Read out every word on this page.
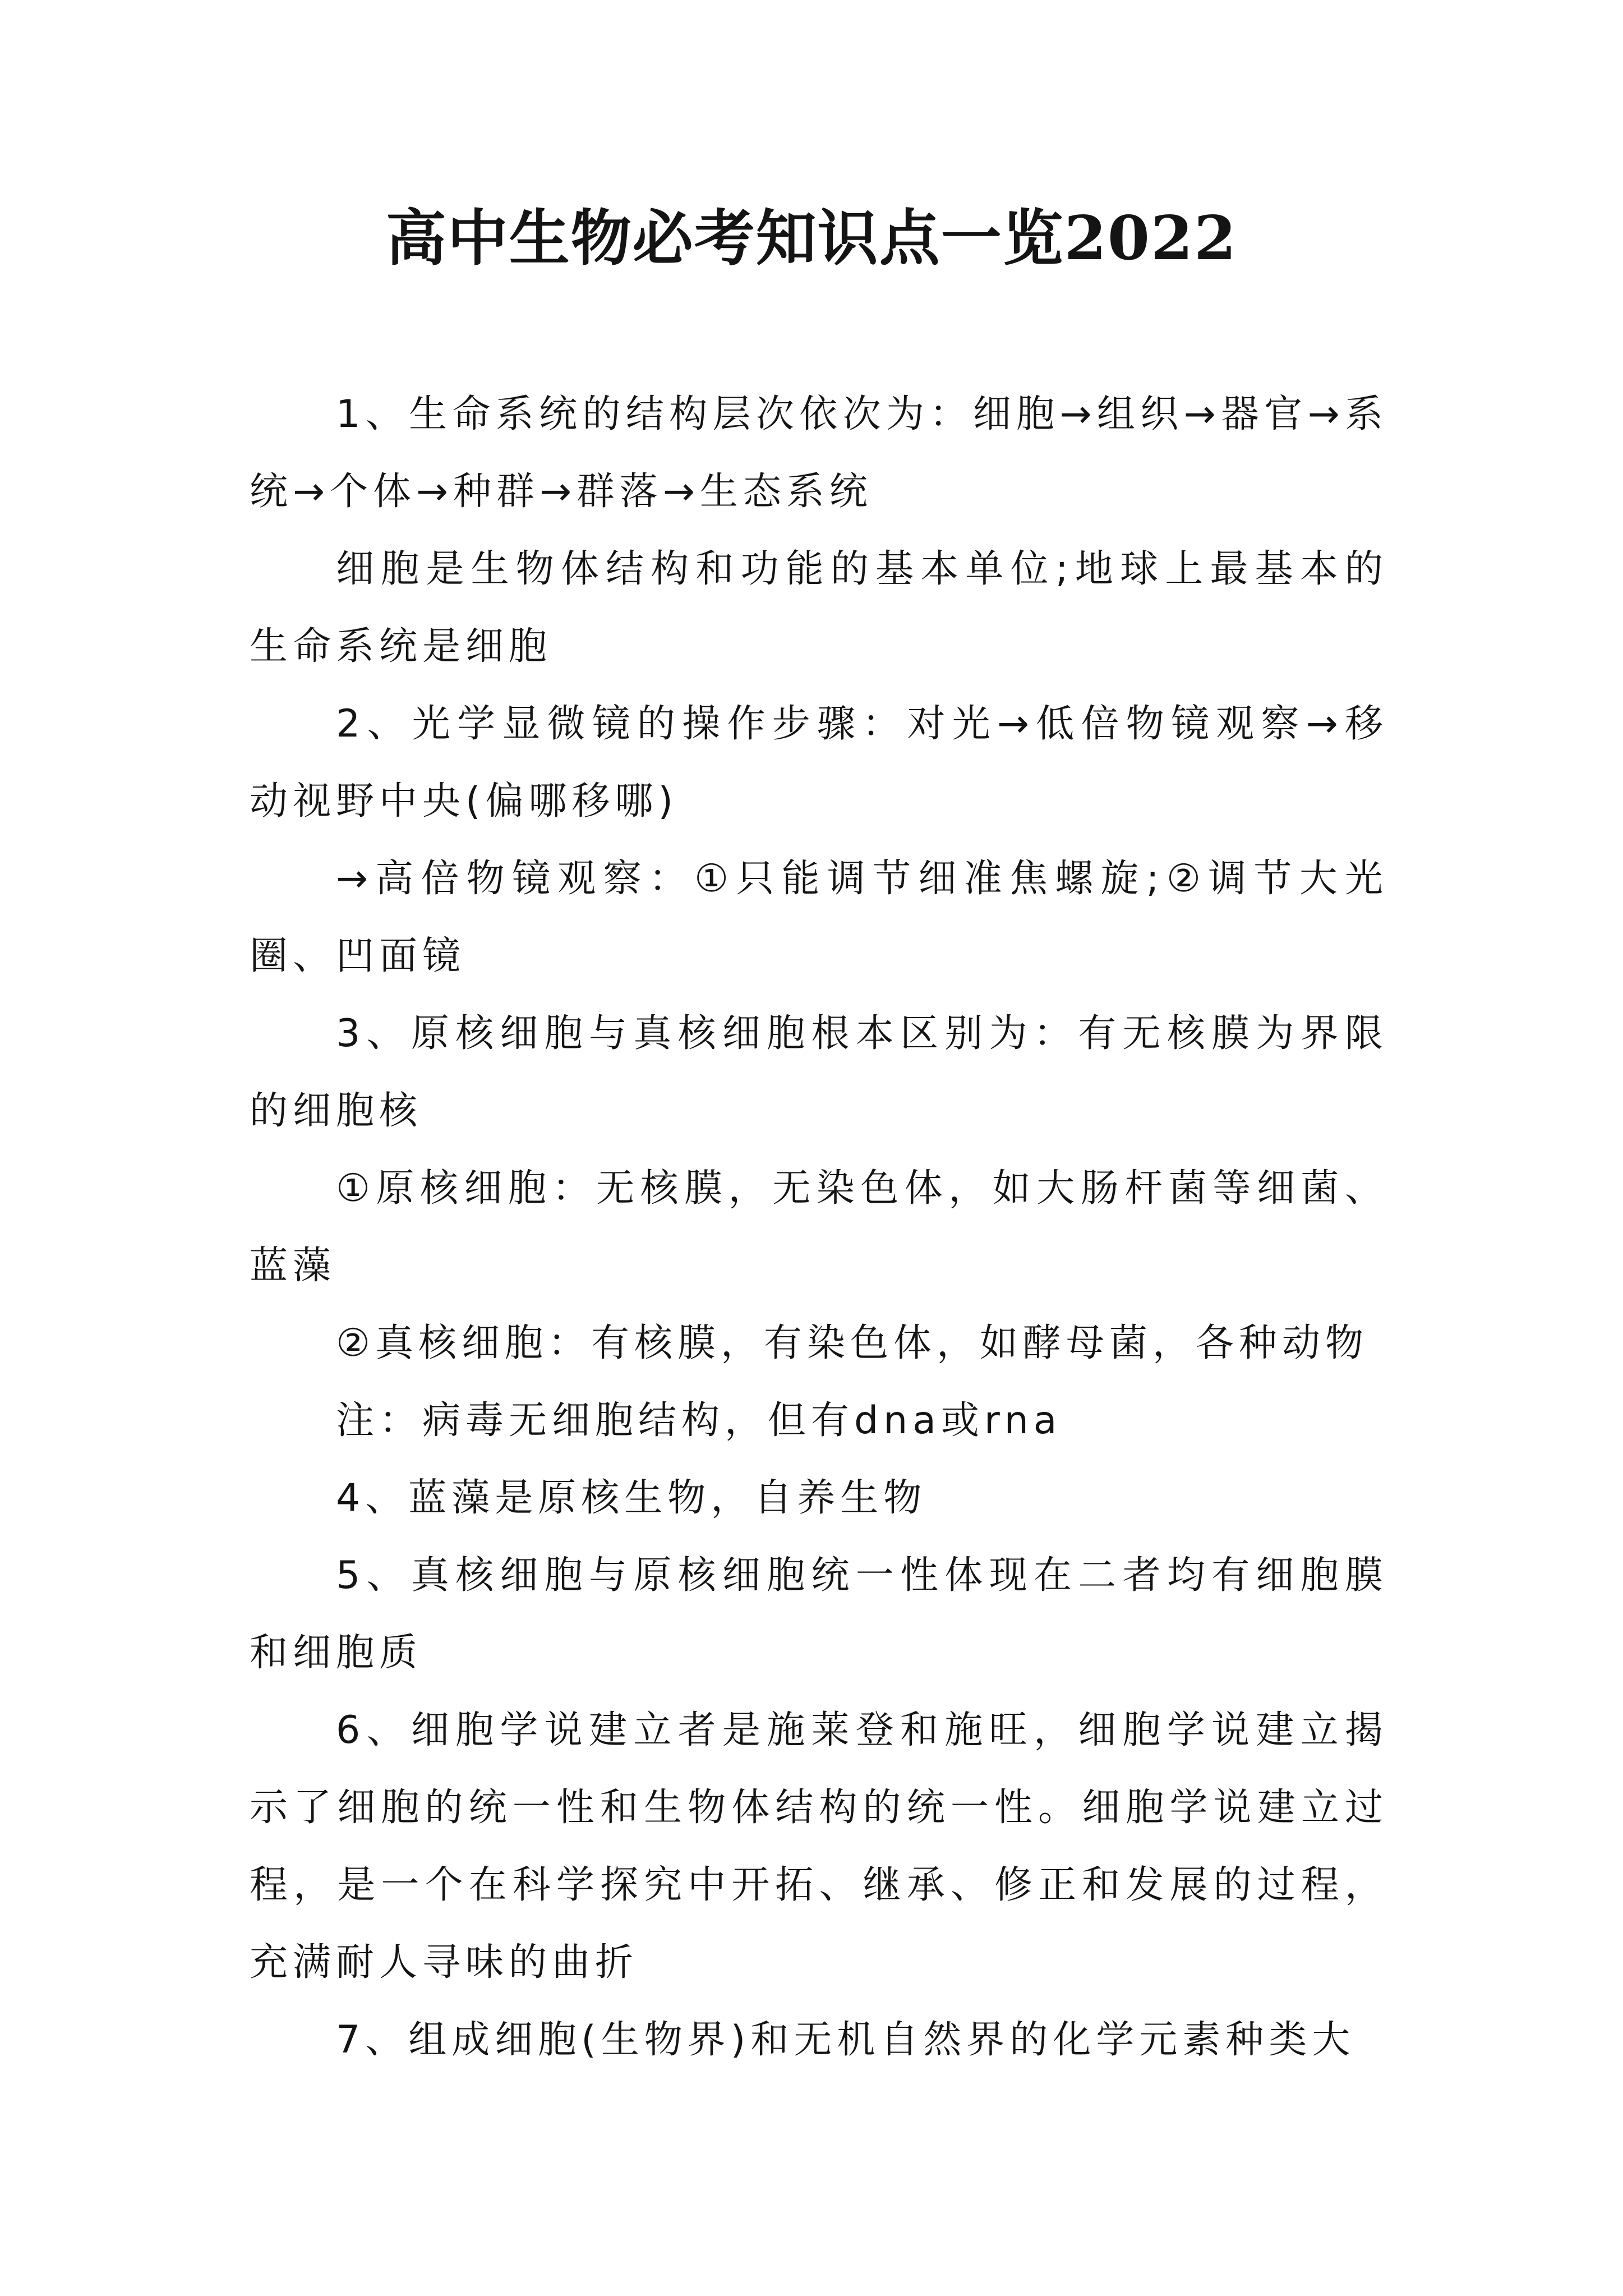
高中生物必考知识点一览2022

1、生命系统的结构层次依次为：细胞→组织→器官→系统→个体→种群→群落→生态系统

细胞是生物体结构和功能的基本单位;地球上最基本的生命系统是细胞

2、光学显微镜的操作步骤：对光→低倍物镜观察→移动视野中央(偏哪移哪)

→高倍物镜观察：①只能调节细准焦螺旋;②调节大光圈、凹面镜

3、原核细胞与真核细胞根本区别为：有无核膜为界限的细胞核

①原核细胞：无核膜，无染色体，如大肠杆菌等细菌、蓝藻

②真核细胞：有核膜，有染色体，如酵母菌，各种动物

注：病毒无细胞结构，但有dna或rna

4、蓝藻是原核生物，自养生物

5、真核细胞与原核细胞统一性体现在二者均有细胞膜和细胞质

6、细胞学说建立者是施莱登和施旺，细胞学说建立揭示了细胞的统一性和生物体结构的统一性。细胞学说建立过程，是一个在科学探究中开拓、继承、修正和发展的过程，充满耐人寻味的曲折

7、组成细胞(生物界)和无机自然界的化学元素种类大
